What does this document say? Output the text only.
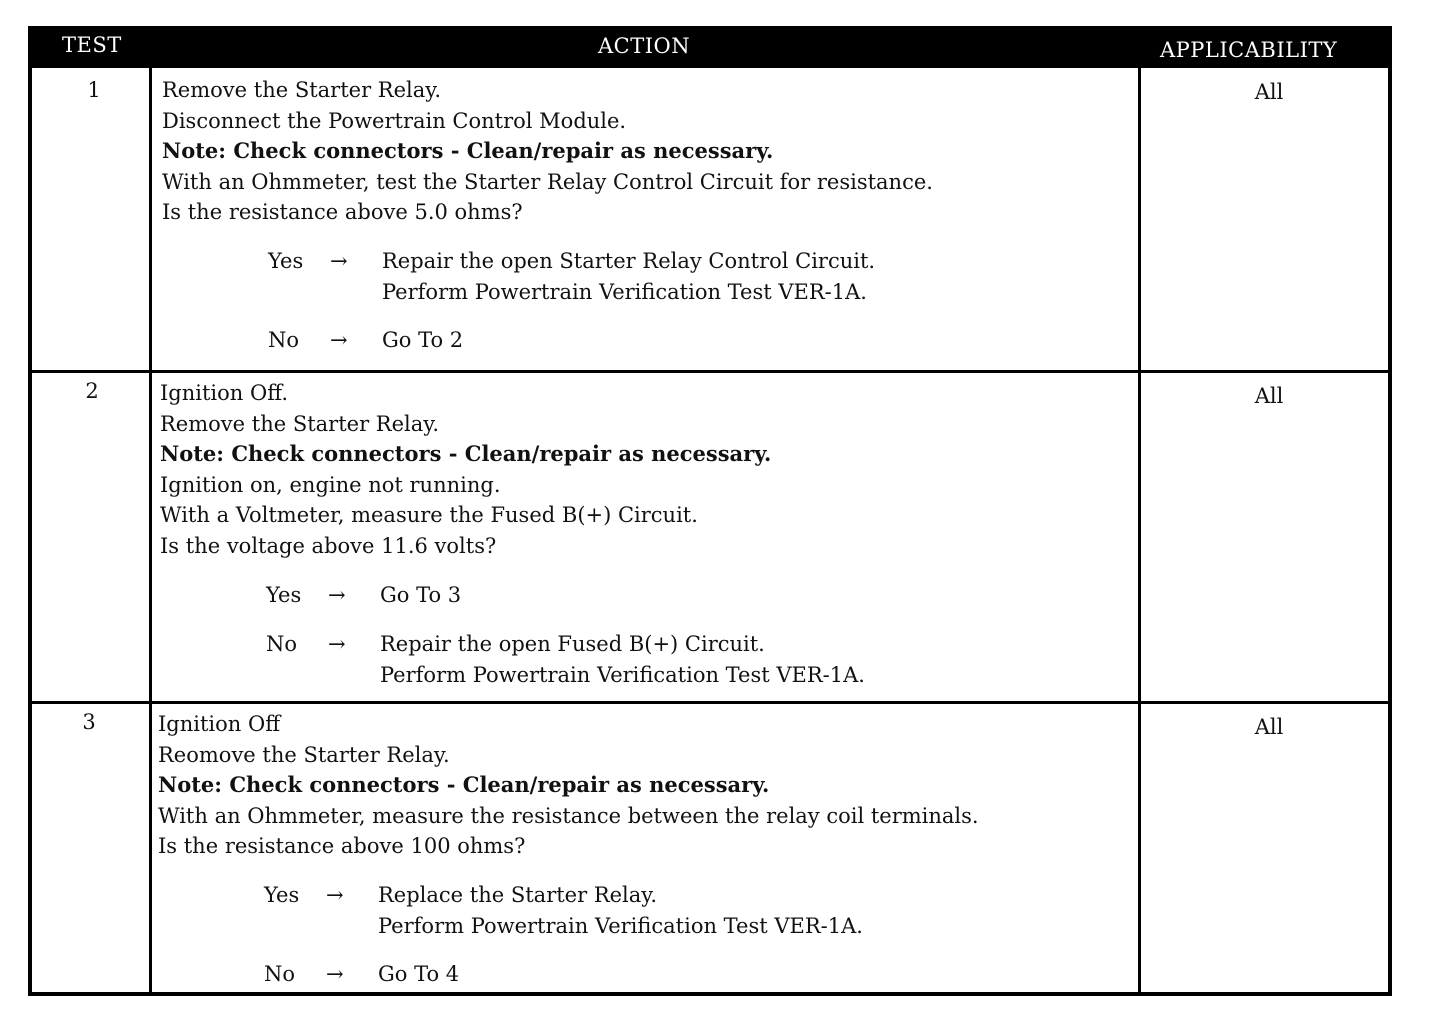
TEST	ACTION	APPLICABILITY
1	Remove the Starter Relay.
Disconnect the Powertrain Control Module.
Note: Check connectors - Clean/repair as necessary.
With an Ohmmeter, test the Starter Relay Control Circuit for resistance.
Is the resistance above 5.0 ohms?
Yes → Repair the open Starter Relay Control Circuit.
Perform Powertrain Verification Test VER-1A.
No → Go To 2
All
2	Ignition Off.
Remove the Starter Relay.
Note: Check connectors - Clean/repair as necessary.
Ignition on, engine not running.
With a Voltmeter, measure the Fused B(+) Circuit.
Is the voltage above 11.6 volts?
Yes → Go To 3
No → Repair the open Fused B(+) Circuit.
Perform Powertrain Verification Test VER-1A.
All
3	Ignition Off
Reomove the Starter Relay.
Note: Check connectors - Clean/repair as necessary.
With an Ohmmeter, measure the resistance between the relay coil terminals.
Is the resistance above 100 ohms?
Yes → Replace the Starter Relay.
Perform Powertrain Verification Test VER-1A.
No → Go To 4
All
